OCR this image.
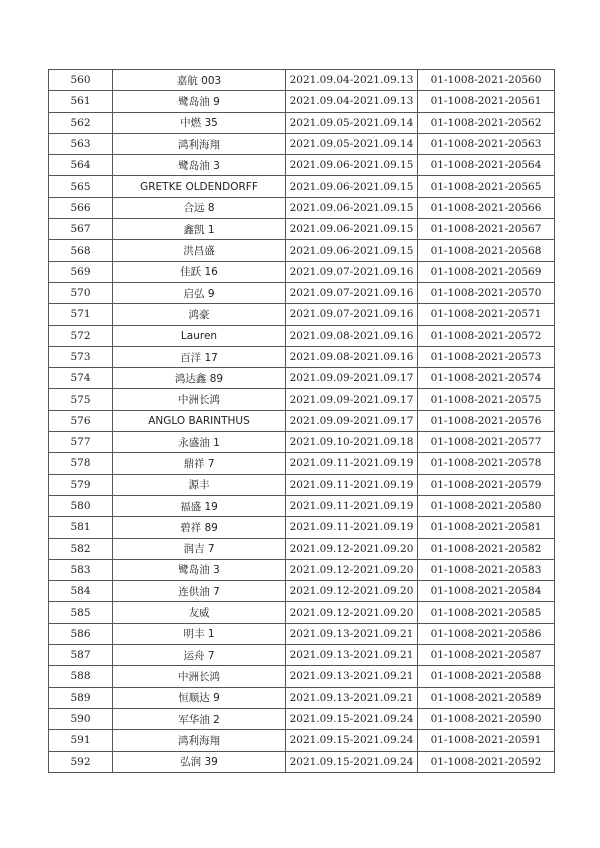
560	嘉航 003	2021.09.04-2021.09.13	01-1008-2021-20560
561	鹭岛油 9	2021.09.04-2021.09.13	01-1008-2021-20561
562	中燃 35	2021.09.05-2021.09.14	01-1008-2021-20562
563	鸿利海翔	2021.09.05-2021.09.14	01-1008-2021-20563
564	鹭岛油 3	2021.09.06-2021.09.15	01-1008-2021-20564
565	GRETKE OLDENDORFF	2021.09.06-2021.09.15	01-1008-2021-20565
566	合远 8	2021.09.06-2021.09.15	01-1008-2021-20566
567	鑫凯 1	2021.09.06-2021.09.15	01-1008-2021-20567
568	洪昌盛	2021.09.06-2021.09.15	01-1008-2021-20568
569	佳跃 16	2021.09.07-2021.09.16	01-1008-2021-20569
570	启弘 9	2021.09.07-2021.09.16	01-1008-2021-20570
571	鸿豪	2021.09.07-2021.09.16	01-1008-2021-20571
572	Lauren	2021.09.08-2021.09.16	01-1008-2021-20572
573	百洋 17	2021.09.08-2021.09.16	01-1008-2021-20573
574	鸿达鑫 89	2021.09.09-2021.09.17	01-1008-2021-20574
575	中洲长鸿	2021.09.09-2021.09.17	01-1008-2021-20575
576	ANGLO BARINTHUS	2021.09.09-2021.09.17	01-1008-2021-20576
577	永盛油 1	2021.09.10-2021.09.18	01-1008-2021-20577
578	鼎祥 7	2021.09.11-2021.09.19	01-1008-2021-20578
579	源丰	2021.09.11-2021.09.19	01-1008-2021-20579
580	福盛 19	2021.09.11-2021.09.19	01-1008-2021-20580
581	碧祥 89	2021.09.11-2021.09.19	01-1008-2021-20581
582	润吉 7	2021.09.12-2021.09.20	01-1008-2021-20582
583	鹭岛油 3	2021.09.12-2021.09.20	01-1008-2021-20583
584	连供油 7	2021.09.12-2021.09.20	01-1008-2021-20584
585	友威	2021.09.12-2021.09.20	01-1008-2021-20585
586	明丰 1	2021.09.13-2021.09.21	01-1008-2021-20586
587	运舟 7	2021.09.13-2021.09.21	01-1008-2021-20587
588	中洲长鸿	2021.09.13-2021.09.21	01-1008-2021-20588
589	恒顺达 9	2021.09.13-2021.09.21	01-1008-2021-20589
590	军华油 2	2021.09.15-2021.09.24	01-1008-2021-20590
591	鸿利海翔	2021.09.15-2021.09.24	01-1008-2021-20591
592	弘润 39	2021.09.15-2021.09.24	01-1008-2021-20592
